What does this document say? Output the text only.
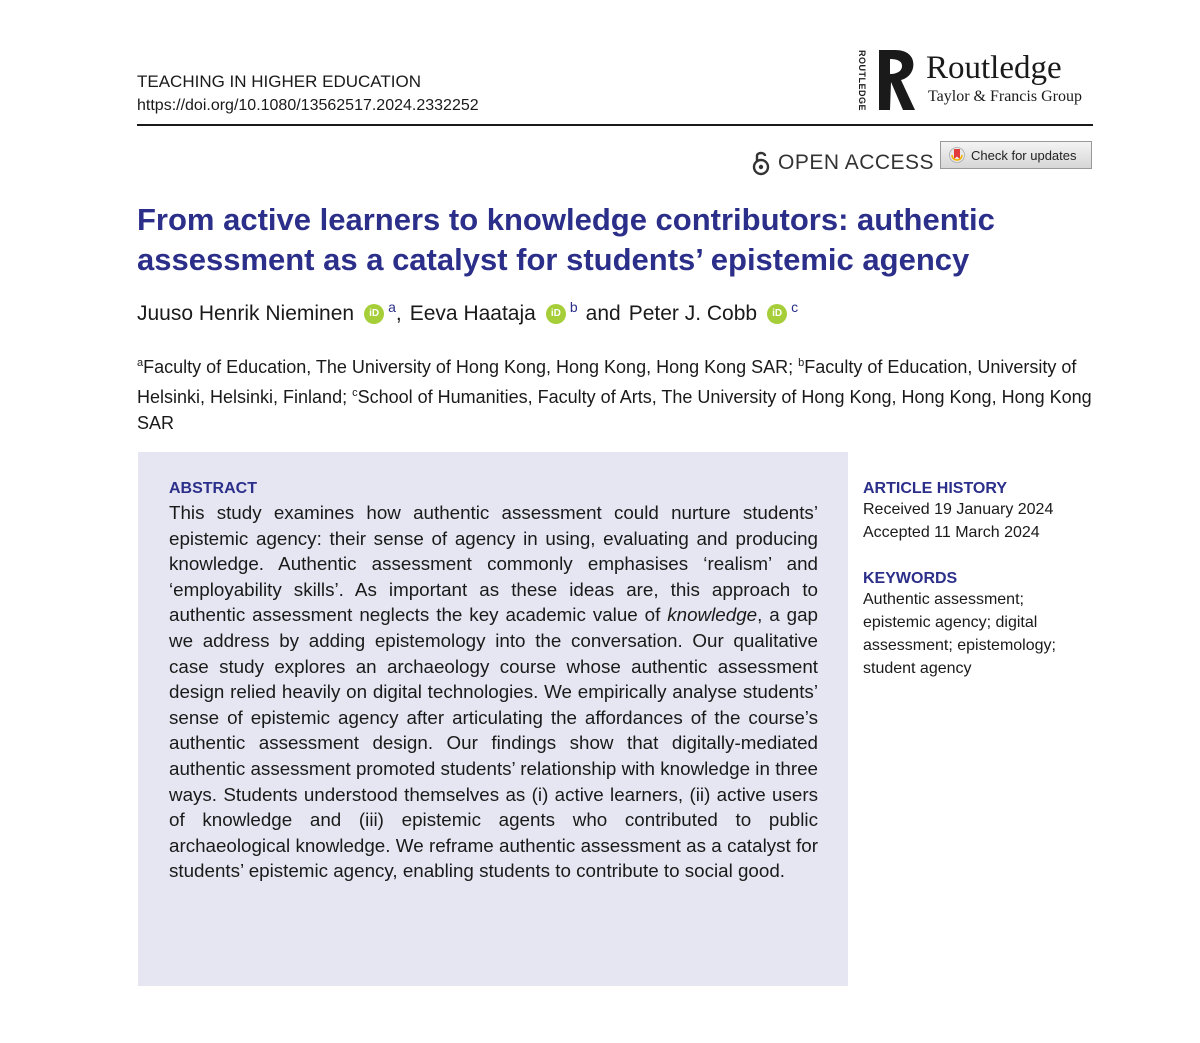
TEACHING IN HIGHER EDUCATION
https://doi.org/10.1080/13562517.2024.2332252	ROUTLEDGE Routledge
Taylor & Francis Group
OPEN ACCESS	Check for updates
From active learners to knowledge contributors: authentic
assessment as a catalyst for students’ epistemic agency
Juuso Henrik Nieminen	iD $^a$ , Eeva Haataja	iD $^b$ and Peter J. Cobb	iD $^c$
$^a$Faculty of Education, The University of Hong Kong, Hong Kong, Hong Kong SAR; $^b$Faculty of Education, University of Helsinki, Helsinki, Finland; $^c$School of Humanities, Faculty of Arts, The University of Hong Kong, Hong Kong, Hong Kong SAR
ABSTRACT

This study examines how authentic assessment could nurture students’ epistemic agency: their sense of agency in using, evaluating and producing knowledge. Authentic assessment commonly emphasises ‘realism’ and ‘employability skills’. As important as these ideas are, this approach to authentic assessment neglects the key academic value of knowledge, a gap we address by adding epistemology into the conversation. Our qualitative case study explores an archaeology course whose authentic assessment design relied heavily on digital technologies. We empirically analyse students’ sense of epistemic agency after articulating the affordances of the course’s authentic assessment design. Our findings show that digitally-mediated authentic assessment promoted students’ relationship with knowledge in three ways. Students understood themselves as (i) active learners, (ii) active users of knowledge and (iii) epistemic agents who contributed to public archaeological knowledge. We reframe authentic assessment as a catalyst for students’ epistemic agency, enabling students to contribute to social good.

ARTICLE HISTORY
Received 19 January 2024
Accepted 11 March 2024
KEYWORDS
Authentic assessment;
epistemic agency; digital
assessment; epistemology;
student agency
